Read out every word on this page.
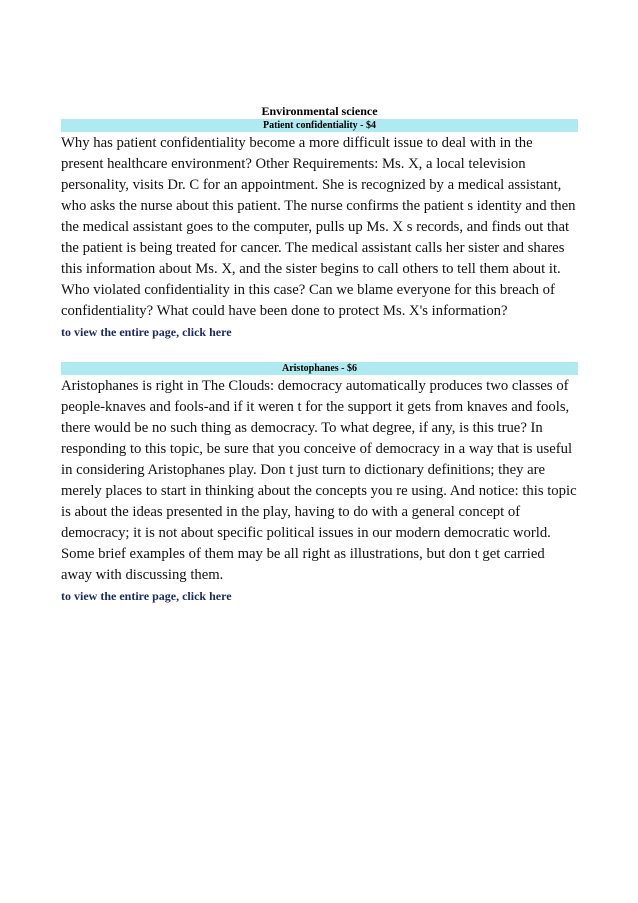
Environmental science
Patient confidentiality - $4
Why has patient confidentiality become a more difficult issue to deal with in the present healthcare environment? Other Requirements: Ms. X, a local television personality, visits Dr. C for an appointment. She is recognized by a medical assistant, who asks the nurse about this patient. The nurse confirms the patient s identity and then the medical assistant goes to the computer, pulls up Ms. X s records, and finds out that the patient is being treated for cancer. The medical assistant calls her sister and shares this information about Ms. X, and the sister begins to call others to tell them about it. Who violated confidentiality in this case? Can we blame everyone for this breach of confidentiality? What could have been done to protect Ms. X's information?
to view the entire page, click here
Aristophanes - $6
Aristophanes is right in The Clouds: democracy automatically produces two classes of people-knaves and fools-and if it weren t for the support it gets from knaves and fools, there would be no such thing as democracy. To what degree, if any, is this true? In responding to this topic, be sure that you conceive of democracy in a way that is useful in considering Aristophanes play. Don t just turn to dictionary definitions; they are merely places to start in thinking about the concepts you re using. And notice: this topic is about the ideas presented in the play, having to do with a general concept of democracy; it is not about specific political issues in our modern democratic world. Some brief examples of them may be all right as illustrations, but don t get carried away with discussing them.
to view the entire page, click here
